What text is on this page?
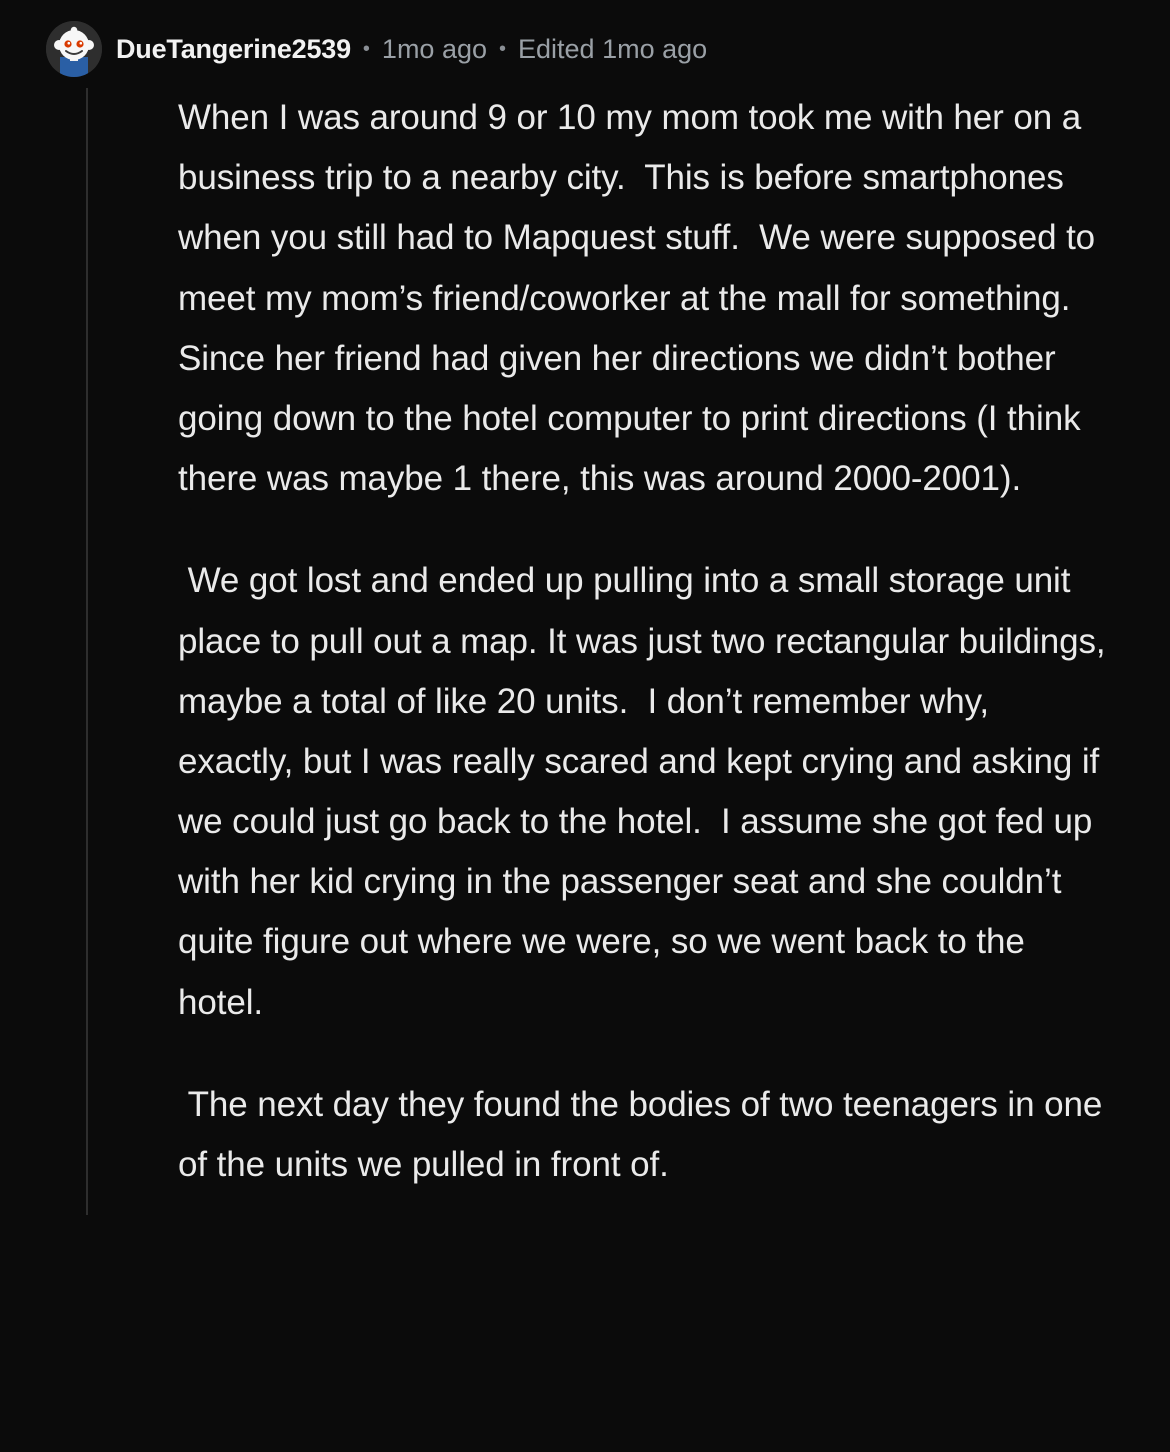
DueTangerine2539 • 1mo ago • Edited 1mo ago

When I was around 9 or 10 my mom took me with her on a business trip to a nearby city.  This is before smartphones when you still had to Mapquest stuff.  We were supposed to meet my mom’s friend/coworker at the mall for something.  Since her friend had given her directions we didn’t bother going down to the hotel computer to print directions (I think there was maybe 1 there, this was around 2000-2001).

We got lost and ended up pulling into a small storage unit place to pull out a map. It was just two rectangular buildings, maybe a total of like 20 units.  I don’t remember why, exactly, but I was really scared and kept crying and asking if we could just go back to the hotel.  I assume she got fed up with her kid crying in the passenger seat and she couldn’t quite figure out where we were, so we went back to the hotel.

The next day they found the bodies of two teenagers in one of the units we pulled in front of.
